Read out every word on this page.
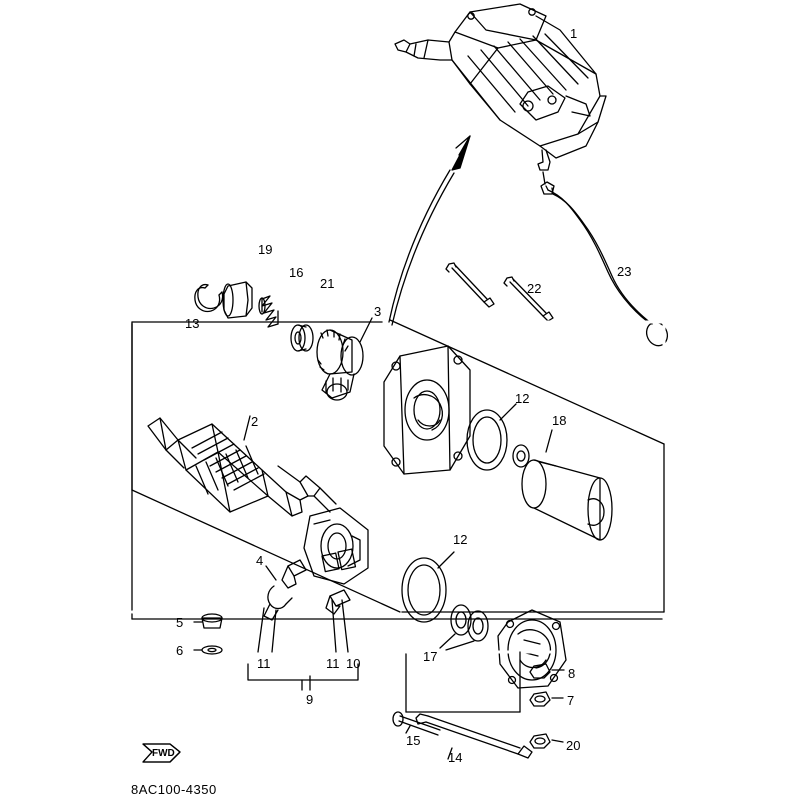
1
23
22
19
16
21
13
3
12
18
2
12
4
5
6	17
11	11 10
9
8
7
20
15
14
FWD
8AC100-4350
